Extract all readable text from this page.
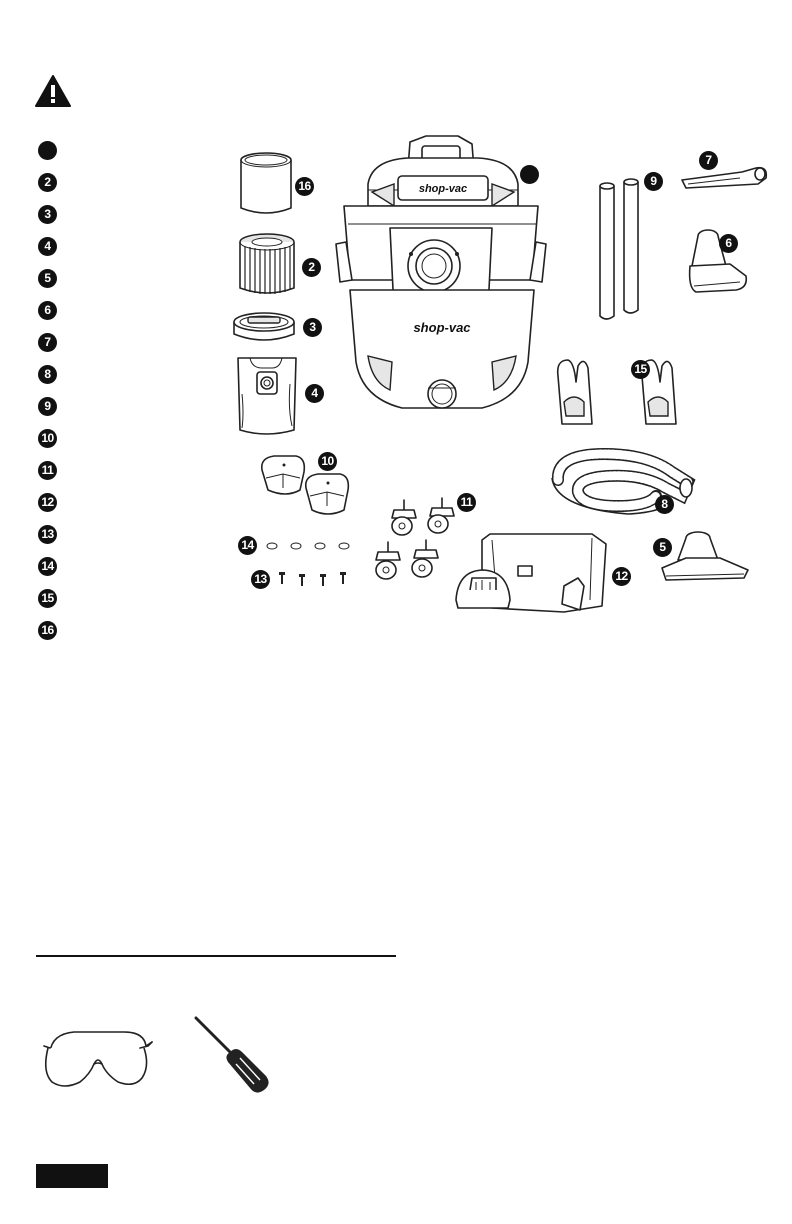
2
3
4
5
6
7
8
9
10
11
12
13
14
15
16
shop-vac
shop-vac
16
2
3
4
10
11
14
13
9
7
6
15
8
5
12
